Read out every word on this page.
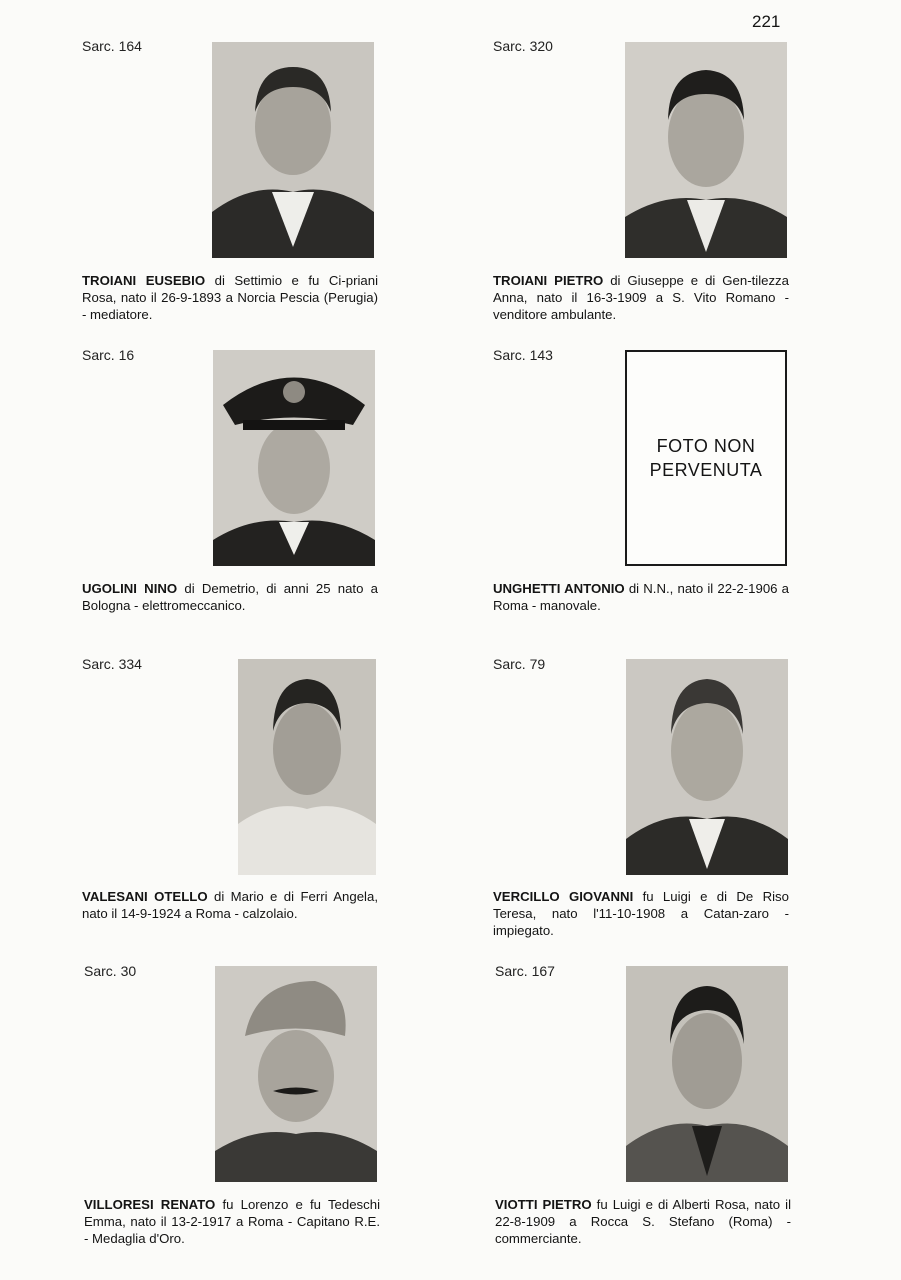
221
Sarc. 164
TROIANI EUSEBIO di Settimio e fu Ci-priani Rosa, nato il 26-9-1893 a Norcia Pescia (Perugia) - mediatore.
Sarc. 320
TROIANI PIETRO di Giuseppe e di Gen-tilezza Anna, nato il 16-3-1909 a S. Vito Romano - venditore ambulante.
Sarc. 16
UGOLINI NINO di Demetrio, di anni 25 nato a Bologna - elettromeccanico.
Sarc. 143
FOTO NON PERVENUTA
UNGHETTI ANTONIO di N.N., nato il 22-2-1906 a Roma - manovale.
Sarc. 334
VALESANI OTELLO di Mario e di Ferri Angela, nato il 14-9-1924 a Roma - calzolaio.
Sarc. 79
VERCILLO GIOVANNI fu Luigi e di De Riso Teresa, nato l'11-10-1908 a Catan-zaro - impiegato.
Sarc. 30
VILLORESI RENATO fu Lorenzo e fu Tedeschi Emma, nato il 13-2-1917 a Roma - Capitano R.E. - Medaglia d'Oro.
Sarc. 167
VIOTTI PIETRO fu Luigi e di Alberti Rosa, nato il 22-8-1909 a Rocca S. Stefano (Roma) - commerciante.
